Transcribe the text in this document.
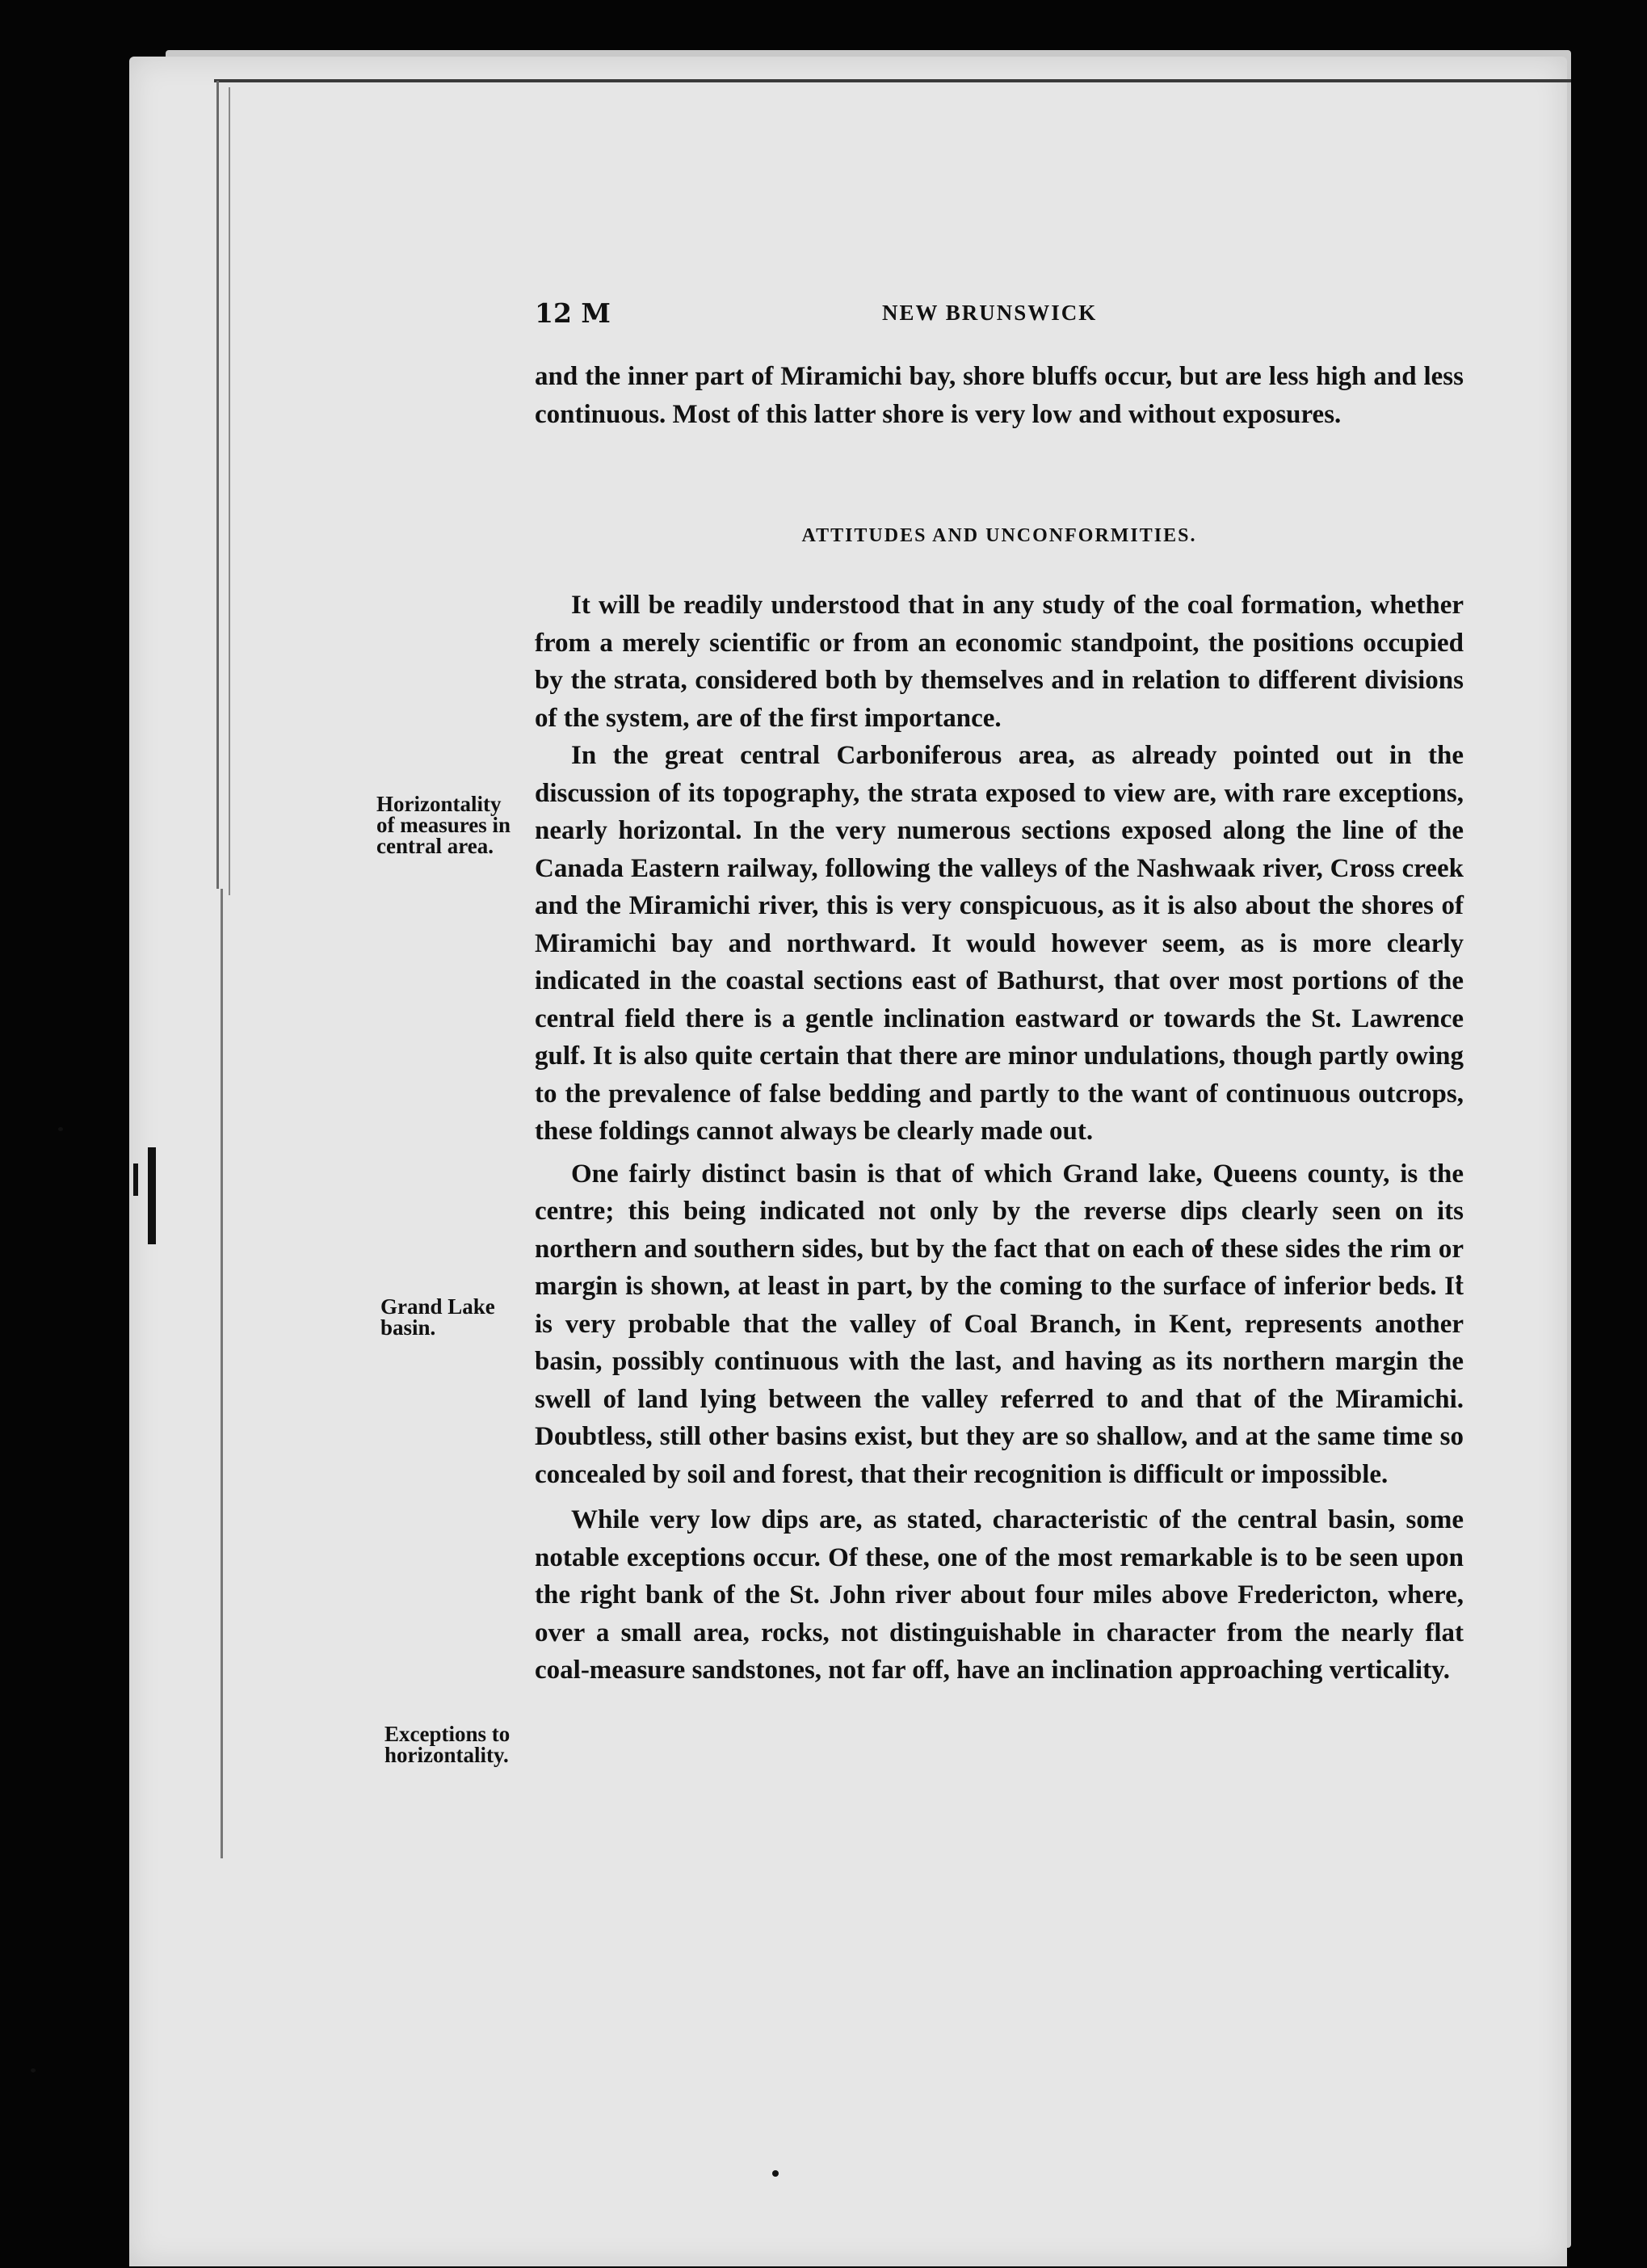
12 M	NEW BRUNSWICK

and the inner part of Miramichi bay, shore bluffs occur, but are less high and less continuous. Most of this latter shore is very low and without exposures.

ATTITUDES AND UNCONFORMITIES.

It will be readily understood that in any study of the coal formation, whether from a merely scientific or from an economic standpoint, the positions occupied by the strata, considered both by themselves and in relation to different divisions of the system, are of the first importance.

In the great central Carboniferous area, as already pointed out in the discussion of its topography, the strata exposed to view are, with rare exceptions, nearly horizontal. In the very numerous sections exposed along the line of the Canada Eastern railway, following the valleys of the Nashwaak river, Cross creek and the Miramichi river, this is very conspicuous, as it is also about the shores of Miramichi bay and northward. It would however seem, as is more clearly indicated in the coastal sections east of Bathurst, that over most portions of the central field there is a gentle inclination eastward or towards the St. Lawrence gulf. It is also quite certain that there are minor undulations, though partly owing to the prevalence of false bedding and partly to the want of continuous outcrops, these foldings cannot always be clearly made out.

One fairly distinct basin is that of which Grand lake, Queens county, is the centre; this being indicated not only by the reverse dips clearly seen on its northern and southern sides, but by the fact that on each of these sides the rim or margin is shown, at least in part, by the coming to the surface of inferior beds. It is very probable that the valley of Coal Branch, in Kent, represents another basin, possibly continuous with the last, and having as its northern margin the swell of land lying between the valley referred to and that of the Miramichi. Doubtless, still other basins exist, but they are so shallow, and at the same time so concealed by soil and forest, that their recognition is difficult or impossible.

While very low dips are, as stated, characteristic of the central basin, some notable exceptions occur. Of these, one of the most remarkable is to be seen upon the right bank of the St. John river about four miles above Fredericton, where, over a small area, rocks, not distinguishable in character from the nearly flat coal-measure sandstones, not far off, have an inclination approaching verticality.

Horizontality
of measures in
central area.
Grand Lake
basin.
Exceptions to
horizontality.
